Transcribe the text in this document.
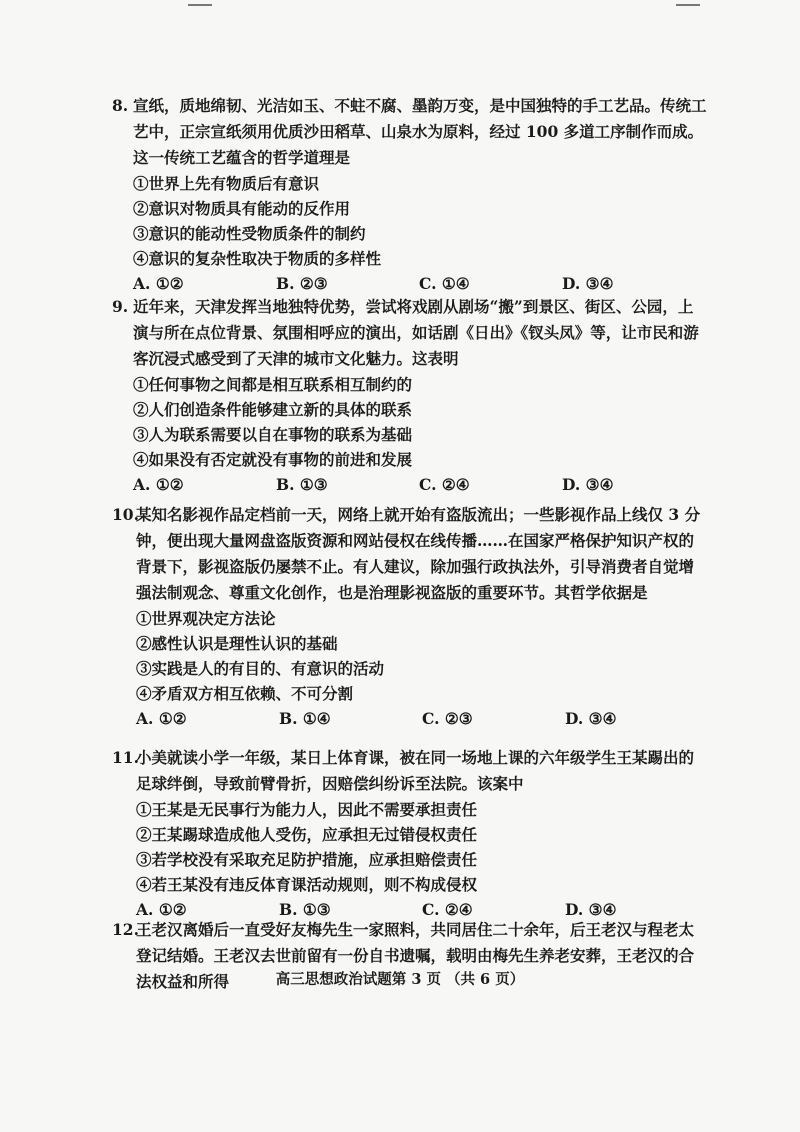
8. 宣纸，质地绵韧、光洁如玉、不蛀不腐、墨韵万变，是中国独特的手工艺品。传统工艺中，正宗宣纸须用优质沙田稻草、山泉水为原料，经过 100 多道工序制作而成。这一传统工艺蕴含的哲学道理是
①世界上先有物质后有意识
②意识对物质具有能动的反作用
③意识的能动性受物质条件的制约
④意识的复杂性取决于物质的多样性
A. ①②	B. ②③	C. ①④	D. ③④
9. 近年来，天津发挥当地独特优势，尝试将戏剧从剧场“搬”到景区、街区、公园，上演与所在点位背景、氛围相呼应的演出，如话剧《日出》《钗头凤》等，让市民和游客沉浸式感受到了天津的城市文化魅力。这表明
①任何事物之间都是相互联系相互制约的
②人们创造条件能够建立新的具体的联系
③人为联系需要以自在事物的联系为基础
④如果没有否定就没有事物的前进和发展
A. ①②	B. ①③	C. ②④	D. ③④
10.
某知名影视作品定档前一天，网络上就开始有盗版流出；一些影视作品上线仅 3 分钟，便出现大量网盘盗版资源和网站侵权在线传播……在国家严格保护知识产权的背景下，影视盗版仍屡禁不止。有人建议，除加强行政执法外，引导消费者自觉增强法制观念、尊重文化创作，也是治理影视盗版的重要环节。其哲学依据是
①世界观决定方法论
②感性认识是理性认识的基础
③实践是人的有目的、有意识的活动
④矛盾双方相互依赖、不可分割
A. ①②	B. ①④	C. ②③	D. ③④
11.
小美就读小学一年级，某日上体育课，被在同一场地上课的六年级学生王某踢出的足球绊倒，导致前臂骨折，因赔偿纠纷诉至法院。该案中
①王某是无民事行为能力人，因此不需要承担责任
②王某踢球造成他人受伤，应承担无过错侵权责任
③若学校没有采取充足防护措施，应承担赔偿责任
④若王某没有违反体育课活动规则，则不构成侵权
A. ①②	B. ①③	C. ②④	D. ③④
12.
王老汉离婚后一直受好友梅先生一家照料，共同居住二十余年，后王老汉与程老太登记结婚。王老汉去世前留有一份自书遗嘱，载明由梅先生养老安葬，王老汉的合法权益和所得	高三思想政治试题第 3 页 （共 6 页）
